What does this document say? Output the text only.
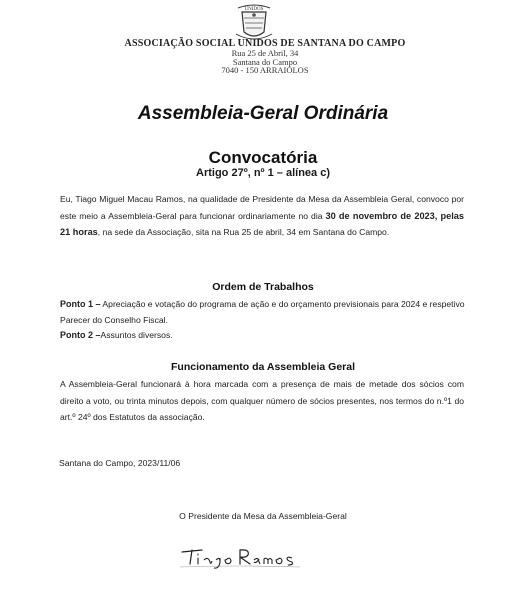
UNIDOS
ASSOCIAÇÃO SOCIAL UNIDOS DE SANTANA DO CAMPO
Rua 25 de Abril, 34
Santana do Campo
7040 - 150 ARRAIOLOS
Assembleia-Geral Ordinária
Convocatória
Artigo 27º, nº 1 – alínea c)
Eu, Tiago Miguel Macau Ramos, na qualidade de Presidente da Mesa da Assembleia Geral, convoco por este meio a Assembleia-Geral para funcionar ordinariamente no dia 30 de novembro de 2023, pelas 21 horas, na sede da Associação, sita na Rua 25 de abril, 34 em Santana do Campo.
Ordem de Trabalhos
Ponto 1 – Apreciação e votação do programa de ação e do orçamento previsionais para 2024 e respetivo Parecer do Conselho Fiscal.
Ponto 2 –Assuntos diversos.
Funcionamento da Assembleia Geral
A Assembleia-Geral funcionará à hora marcada com a presença de mais de metade dos sócios com direito a voto, ou trinta minutos depois, com qualquer número de sócios presentes, nos termos do n.º1 do art.º 24º dos Estatutos da associação.
Santana do Campo, 2023/11/06
O Presidente da Mesa da Assembleia-Geral
